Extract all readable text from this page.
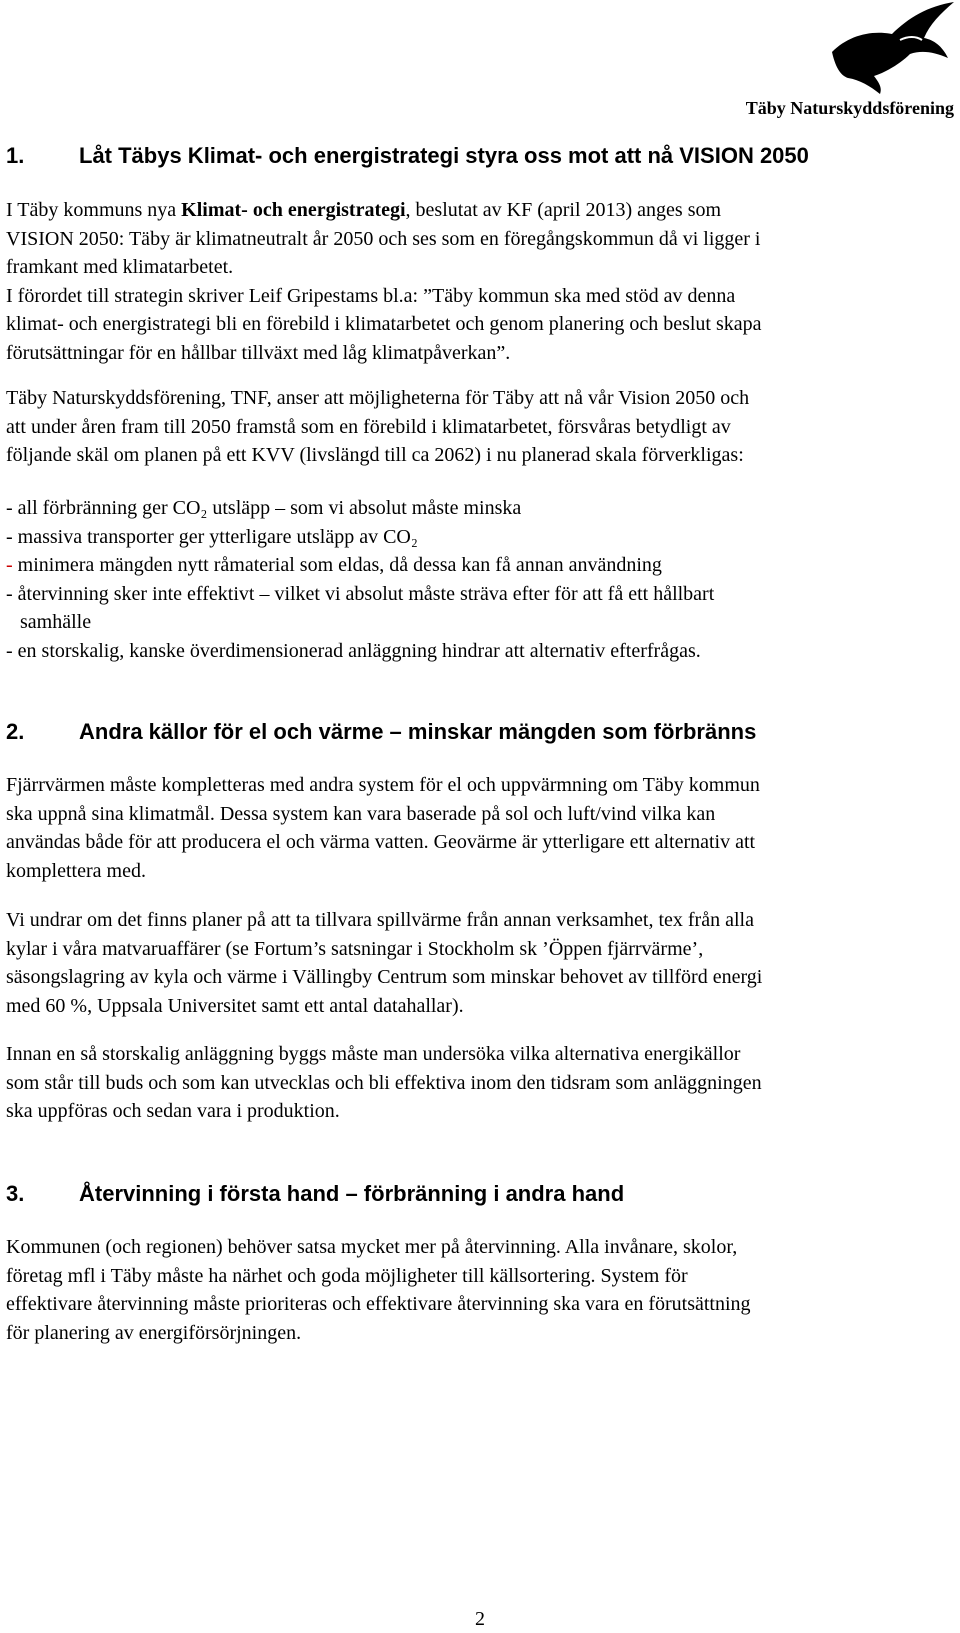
Täby Naturskyddsförening
1. Låt Täbys Klimat- och energistrategi styra oss mot att nå VISION 2050
I Täby kommuns nya Klimat- och energistrategi, beslutat av KF (april 2013) anges som
VISION 2050: Täby är klimatneutralt år 2050 och ses som en föregångskommun då vi ligger i
framkant med klimatarbetet.
I förordet till strategin skriver Leif Gripestams bl.a: ”Täby kommun ska med stöd av denna
klimat- och energistrategi bli en förebild i klimatarbetet och genom planering och beslut skapa
förutsättningar för en hållbar tillväxt med låg klimatpåverkan”.
Täby Naturskyddsförening, TNF, anser att möjligheterna för Täby att nå vår Vision 2050 och
att under åren fram till 2050 framstå som en förebild i klimatarbetet, försvåras betydligt av
följande skäl om planen på ett KVV (livslängd till ca 2062) i nu planerad skala förverkligas:
- all förbränning ger CO₂ utsläpp – som vi absolut måste minska
- massiva transporter ger ytterligare utsläpp av CO₂
- minimera mängden nytt råmaterial som eldas, då dessa kan få annan användning
- återvinning sker inte effektivt – vilket vi absolut måste sträva efter för att få ett hållbart
samhälle
- en storskalig, kanske överdimensionerad anläggning hindrar att alternativ efterfrågas.
2. Andra källor för el och värme – minskar mängden som förbränns
Fjärrvärmen måste kompletteras med andra system för el och uppvärmning om Täby kommun
ska uppnå sina klimatmål. Dessa system kan vara baserade på sol och luft/vind vilka kan
användas både för att producera el och värma vatten. Geovärme är ytterligare ett alternativ att
komplettera med.
Vi undrar om det finns planer på att ta tillvara spillvärme från annan verksamhet, tex från alla
kylar i våra matvaruaffärer (se Fortum’s satsningar i Stockholm sk ’Öppen fjärrvärme’,
säsongslagring av kyla och värme i Vällingby Centrum som minskar behovet av tillförd energi
med 60 %, Uppsala Universitet samt ett antal datahallar).
Innan en så storskalig anläggning byggs måste man undersöka vilka alternativa energikällor
som står till buds och som kan utvecklas och bli effektiva inom den tidsram som anläggningen
ska uppföras och sedan vara i produktion.
3. Återvinning i första hand – förbränning i andra hand
Kommunen (och regionen) behöver satsa mycket mer på återvinning. Alla invånare, skolor,
företag mfl i Täby måste ha närhet och goda möjligheter till källsortering. System för
effektivare återvinning måste prioriteras och effektivare återvinning ska vara en förutsättning
för planering av energiförsörjningen.
2
